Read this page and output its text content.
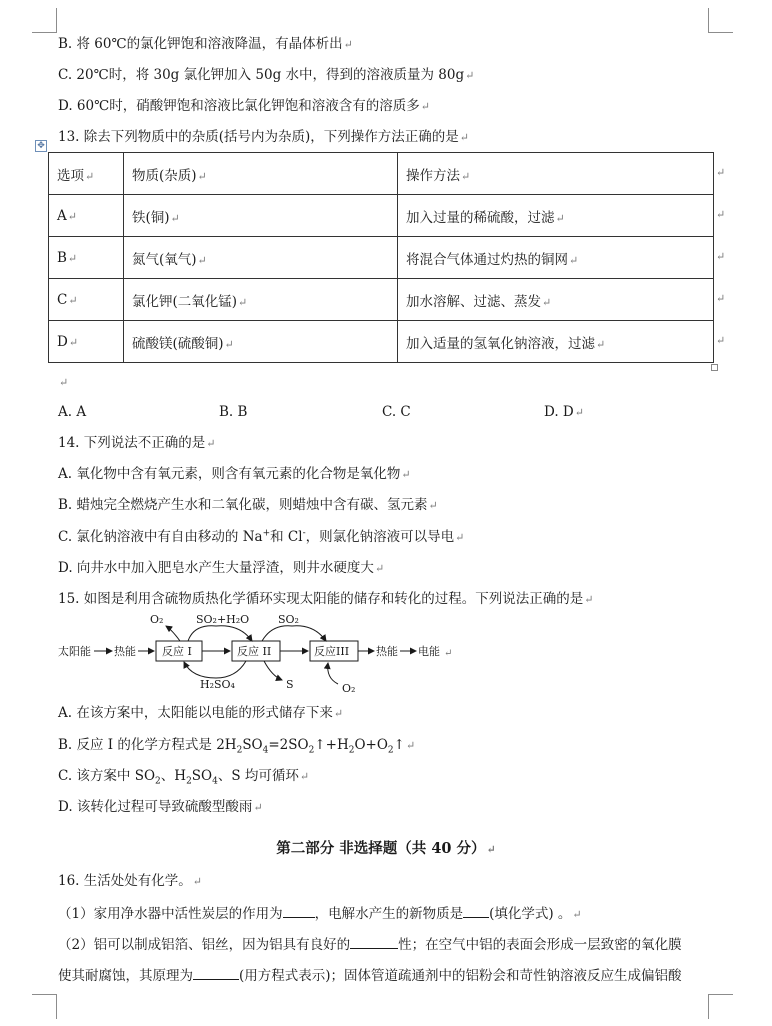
B. 将 60℃的氯化钾饱和溶液降温，有晶体析出↵
C. 20℃时，将 30g 氯化钾加入 50g 水中，得到的溶液质量为 80g↵
D. 60℃时，硝酸钾饱和溶液比氯化钾饱和溶液含有的溶质多↵
13. 除去下列物质中的杂质(括号内为杂质)，下列操作方法正确的是↵
✥
选项↵	物质(杂质)↵	操作方法↵
A↵	铁(铜)↵	加入过量的稀硫酸，过滤↵
B↵	氮气(氧气)↵	将混合气体通过灼热的铜网↵
C↵	氯化钾(二氧化锰)↵	加水溶解、过滤、蒸发↵
D↵	硫酸镁(硫酸铜)↵	加入适量的氢氧化钠溶液，过滤↵
↵
↵
↵
↵
↵
↵
A. A	B. B	C. C	D. D↵
14. 下列说法不正确的是↵
A. 氧化物中含有氧元素，则含有氧元素的化合物是氧化物↵
B. 蜡烛完全燃烧产生水和二氧化碳，则蜡烛中含有碳、氢元素↵
C. 氯化钠溶液中有自由移动的 Na+和 Cl-，则氯化钠溶液可以导电↵
D. 向井水中加入肥皂水产生大量浮渣，则井水硬度大↵
15. 如图是利用含硫物质热化学循环实现太阳能的储存和转化的过程。下列说法正确的是↵
太阳能 热能 反应 I	反应 II	反应III 热能 电能 ↵
O₂	SO₂+H₂O	SO₂
H₂SO₄	S	O₂
A. 在该方案中，太阳能以电能的形式储存下来↵
B. 反应 I 的化学方程式是 $2H_2SO_4=2SO_2↑+H_2O+O_2↑↵$
C. 该方案中 $SO_2$、$H_2SO_4$、S 均可循环↵
D. 该转化过程可导致硫酸型酸雨↵
第二部分 非选择题（共 40 分）↵
16. 生活处处有化学。↵
（1）家用净水器中活性炭层的作用为 ，电解水产生的新物质是 (填化学式) 。↵
（2）铝可以制成铝箔、铝丝，因为铝具有良好的	性；在空气中铝的表面会形成一层致密的氧化膜
使其耐腐蚀，其原理为	(用方程式表示)；固体管道疏通剂中的铝粉会和苛性钠溶液反应生成偏铝酸
